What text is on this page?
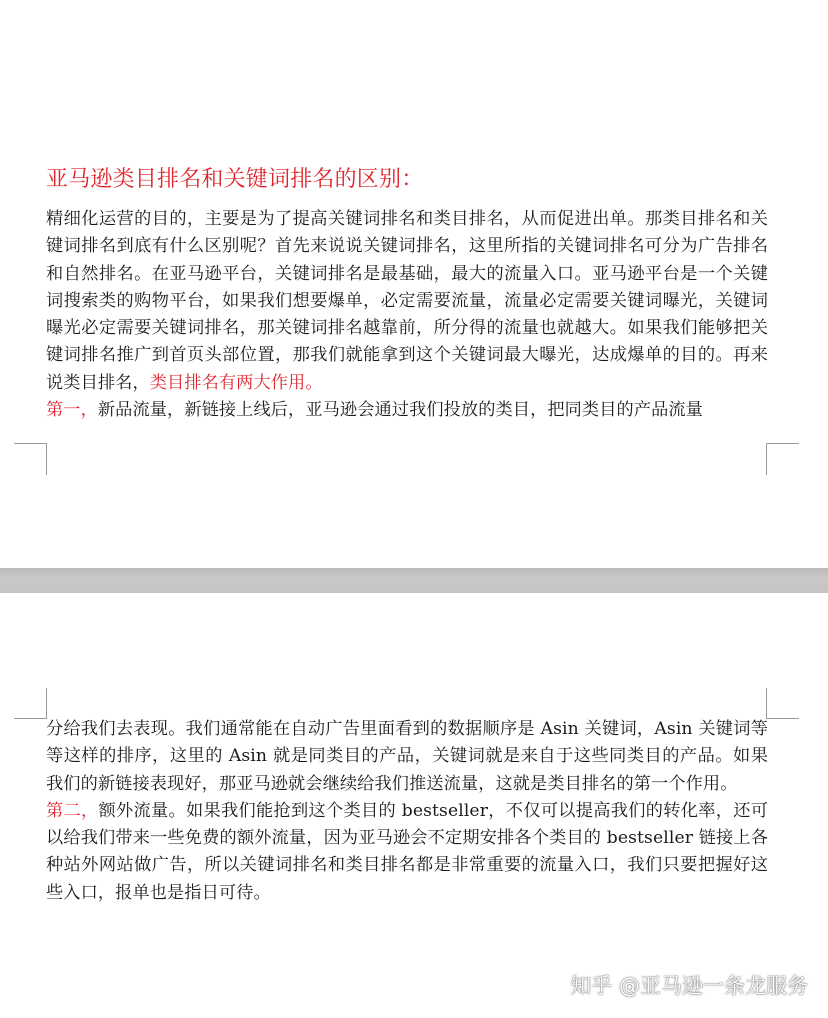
亚马逊类目排名和关键词排名的区别：

精细化运营的目的，主要是为了提高关键词排名和类目排名，从而促进出单。那类目排名和关键词排名到底有什么区别呢？首先来说说关键词排名，这里所指的关键词排名可分为广告排名和自然排名。在亚马逊平台，关键词排名是最基础，最大的流量入口。亚马逊平台是一个关键词搜索类的购物平台，如果我们想要爆单，必定需要流量，流量必定需要关键词曝光，关键词曝光必定需要关键词排名，那关键词排名越靠前，所分得的流量也就越大。如果我们能够把关键词排名推广到首页头部位置，那我们就能拿到这个关键词最大曝光，达成爆单的目的。再来说类目排名，类目排名有两大作用。
第一，新品流量，新链接上线后，亚马逊会通过我们投放的类目，把同类目的产品流量

分给我们去表现。我们通常能在自动广告里面看到的数据顺序是 Asin 关键词，Asin 关键词等等这样的排序，这里的 Asin 就是同类目的产品，关键词就是来自于这些同类目的产品。如果我们的新链接表现好，那亚马逊就会继续给我们推送流量，这就是类目排名的第一个作用。
第二，额外流量。如果我们能抢到这个类目的 bestseller，不仅可以提高我们的转化率，还可以给我们带来一些免费的额外流量，因为亚马逊会不定期安排各个类目的 bestseller 链接上各种站外网站做广告，所以关键词排名和类目排名都是非常重要的流量入口，我们只要把握好这些入口，报单也是指日可待。

知乎 @亚马逊一条龙服务
